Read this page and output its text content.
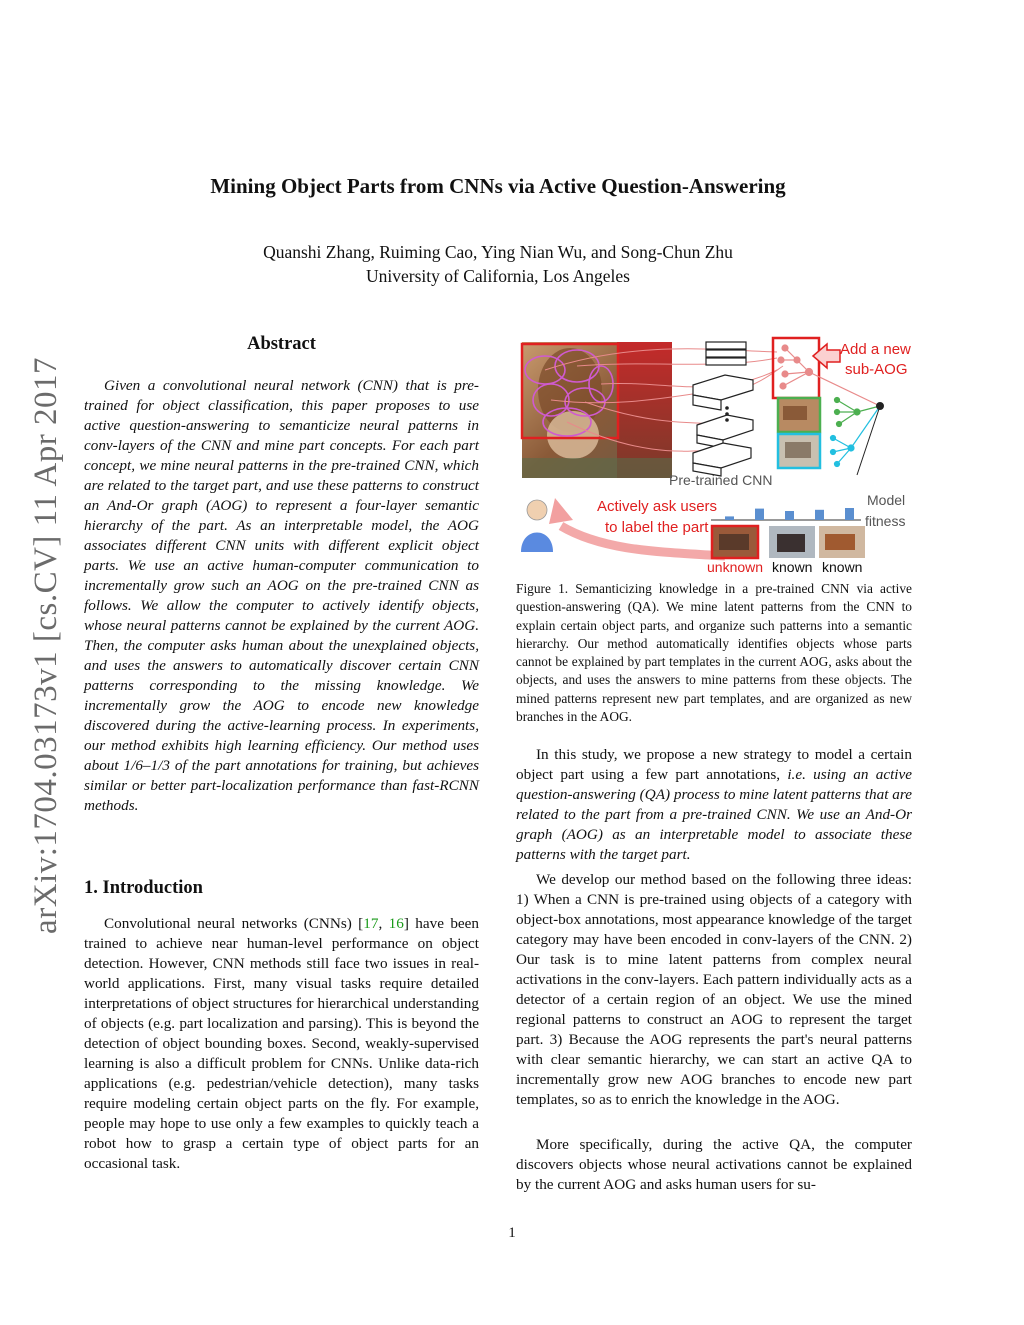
arXiv:1704.03173v1 [cs.CV] 11 Apr 2017
Mining Object Parts from CNNs via Active Question-Answering
Quanshi Zhang, Ruiming Cao, Ying Nian Wu, and Song-Chun Zhu
University of California, Los Angeles
Abstract

Given a convolutional neural network (CNN) that is pre-trained for object classification, this paper proposes to use active question-answering to semanticize neural patterns in conv-layers of the CNN and mine part concepts. For each part concept, we mine neural patterns in the pre-trained CNN, which are related to the target part, and use these patterns to construct an And-Or graph (AOG) to represent a four-layer semantic hierarchy of the part. As an interpretable model, the AOG associates different CNN units with different explicit object parts. We use an active human-computer communication to incrementally grow such an AOG on the pre-trained CNN as follows. We allow the computer to actively identify objects, whose neural patterns cannot be explained by the current AOG. Then, the computer asks human about the unexplained objects, and uses the answers to automatically discover certain CNN patterns corresponding to the missing knowledge. We incrementally grow the AOG to encode new knowledge discovered during the active-learning process. In experiments, our method exhibits high learning efficiency. Our method uses about 1/6–1/3 of the part annotations for training, but achieves similar or better part-localization performance than fast-RCNN methods.

1. Introduction

Convolutional neural networks (CNNs) [17, 16] have been trained to achieve near human-level performance on object detection. However, CNN methods still face two issues in real-world applications. First, many visual tasks require detailed interpretations of object structures for hierarchical understanding of objects (e.g. part localization and parsing). This is beyond the detection of object bounding boxes. Second, weakly-supervised learning is also a difficult problem for CNNs. Unlike data-rich applications (e.g. pedestrian/vehicle detection), many tasks require modeling certain object parts on the fly. For example, people may hope to use only a few examples to quickly teach a robot how to grasp a certain type of object parts for an occasional task.

Add a new
sub-AOG
Pre-trained CNN
Model
fitness
Actively ask users
to label the part
unknown known known

Figure 1. Semanticizing knowledge in a pre-trained CNN via active question-answering (QA). We mine latent patterns from the CNN to explain certain object parts, and organize such patterns into a semantic hierarchy. Our method automatically identifies objects whose parts cannot be explained by part templates in the current AOG, asks about the objects, and uses the answers to mine patterns from these objects. The mined patterns represent new part templates, and are organized as new branches in the AOG.

In this study, we propose a new strategy to model a certain object part using a few part annotations, i.e. using an active question-answering (QA) process to mine latent patterns that are related to the part from a pre-trained CNN. We use an And-Or graph (AOG) as an interpretable model to associate these patterns with the target part.

We develop our method based on the following three ideas: 1) When a CNN is pre-trained using objects of a category with object-box annotations, most appearance knowledge of the target category may have been encoded in conv-layers of the CNN. 2) Our task is to mine latent patterns from complex neural activations in the conv-layers. Each pattern individually acts as a detector of a certain region of an object. We use the mined regional patterns to construct an AOG to represent the target part. 3) Because the AOG represents the part's neural patterns with clear semantic hierarchy, we can start an active QA to incrementally grow new AOG branches to encode new part templates, so as to enrich the knowledge in the AOG.

More specifically, during the active QA, the computer discovers objects whose neural activations cannot be explained by the current AOG and asks human users for su-

1
